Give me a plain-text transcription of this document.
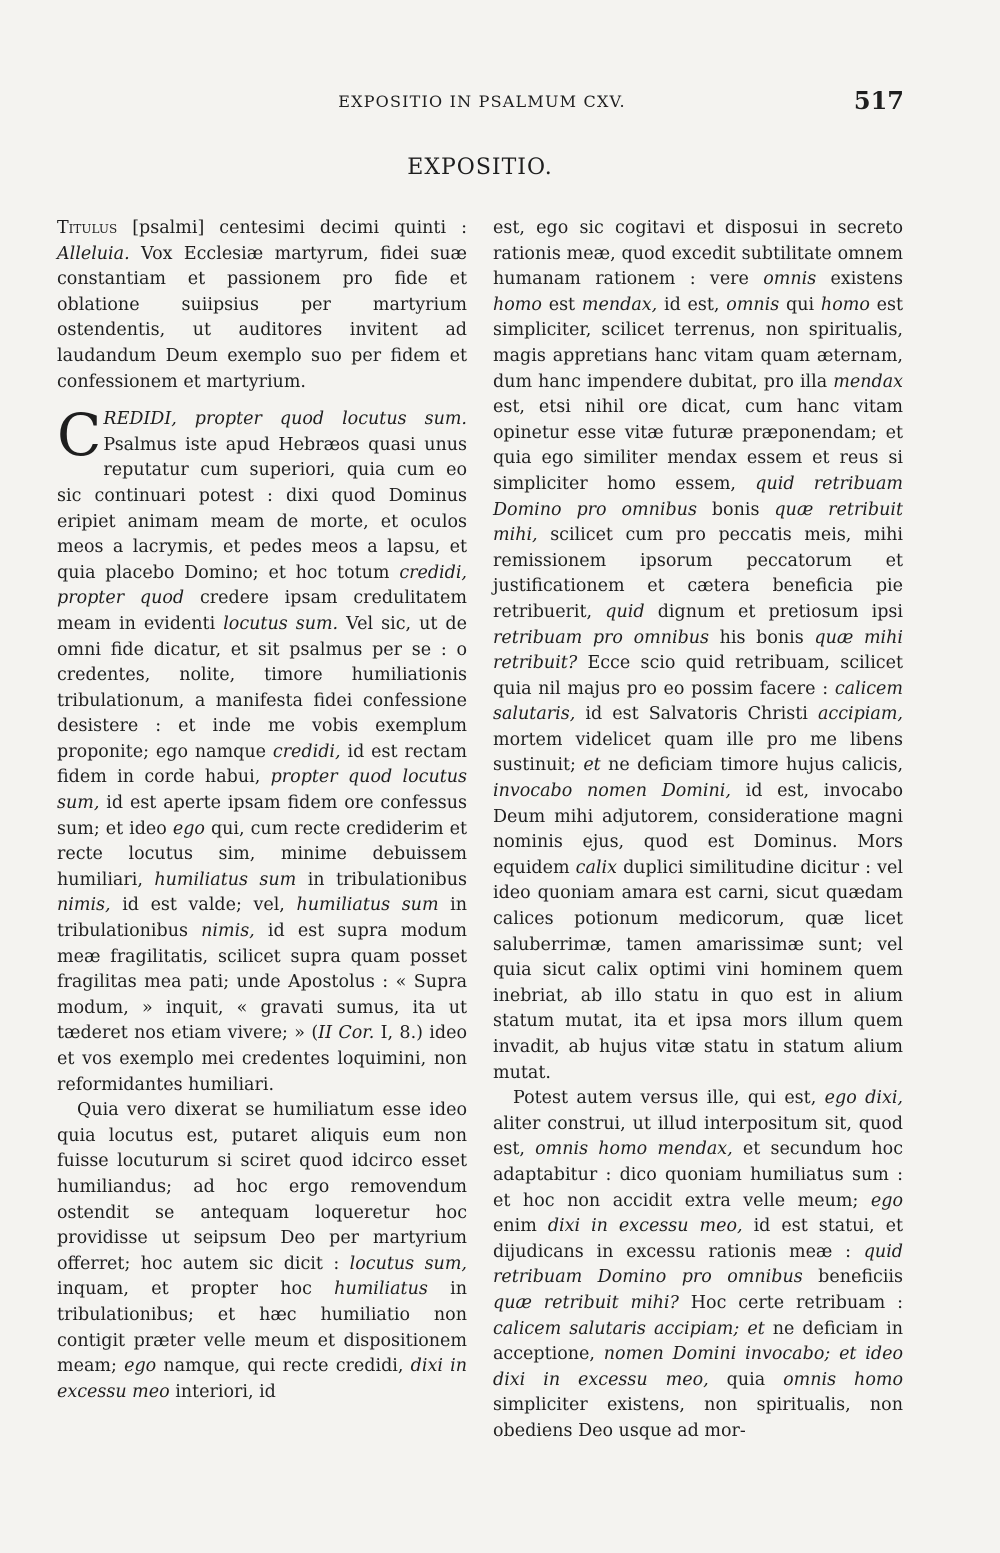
EXPOSITIO IN PSALMUM CXV.	517
EXPOSITIO.

Titulus [psalmi] centesimi decimi quinti : Alleluia. Vox Ecclesiæ martyrum, fidei suæ constantiam et passionem pro fide et oblatione suiipsius per martyrium ostendentis, ut auditores invitent ad laudandum Deum exemplo suo per fidem et confessionem et martyrium.

CREDIDI, propter quod locutus sum. Psalmus iste apud Hebræos quasi unus reputatur cum superiori, quia cum eo sic continuari potest : dixi quod Dominus eripiet animam meam de morte, et oculos meos a lacrymis, et pedes meos a lapsu, et quia placebo Domino; et hoc totum credidi, propter quod credere ipsam credulitatem meam in evidenti locutus sum. Vel sic, ut de omni fide dicatur, et sit psalmus per se : o credentes, nolite, timore humiliationis tribulationum, a manifesta fidei confessione desistere : et inde me vobis exemplum proponite; ego namque credidi, id est rectam fidem in corde habui, propter quod locutus sum, id est aperte ipsam fidem ore confessus sum; et ideo ego qui, cum recte crediderim et recte locutus sim, minime debuissem humiliari, humiliatus sum in tribulationibus nimis, id est valde; vel, humiliatus sum in tribulationibus nimis, id est supra modum meæ fragilitatis, scilicet supra quam posset fragilitas mea pati; unde Apostolus : « Supra modum, » inquit, « gravati sumus, ita ut tæderet nos etiam vivere; » (II Cor. I, 8.) ideo et vos exemplo mei credentes loquimini, non reformidantes humiliari.

Quia vero dixerat se humiliatum esse ideo quia locutus est, putaret aliquis eum non fuisse locuturum si sciret quod idcirco esset humiliandus; ad hoc ergo removendum ostendit se antequam loqueretur hoc providisse ut seipsum Deo per martyrium offerret; hoc autem sic dicit : locutus sum, inquam, et propter hoc humiliatus in tribulationibus; et hæc humiliatio non contigit præter velle meum et dispositionem meam; ego namque, qui recte credidi, dixi in excessu meo interiori, id

est, ego sic cogitavi et disposui in secreto rationis meæ, quod excedit subtilitate omnem humanam rationem : vere omnis existens homo est mendax, id est, omnis qui homo est simpliciter, scilicet terrenus, non spiritualis, magis appretians hanc vitam quam æternam, dum hanc impendere dubitat, pro illa mendax est, etsi nihil ore dicat, cum hanc vitam opinetur esse vitæ futuræ præponendam; et quia ego similiter mendax essem et reus si simpliciter homo essem, quid retribuam Domino pro omnibus bonis quæ retribuit mihi, scilicet cum pro peccatis meis, mihi remissionem ipsorum peccatorum et justificationem et cætera beneficia pie retribuerit, quid dignum et pretiosum ipsi retribuam pro omnibus his bonis quæ mihi retribuit? Ecce scio quid retribuam, scilicet quia nil majus pro eo possim facere : calicem salutaris, id est Salvatoris Christi accipiam, mortem videlicet quam ille pro me libens sustinuit; et ne deficiam timore hujus calicis, invocabo nomen Domini, id est, invocabo Deum mihi adjutorem, consideratione magni nominis ejus, quod est Dominus. Mors equidem calix duplici similitudine dicitur : vel ideo quoniam amara est carni, sicut quædam calices potionum medicorum, quæ licet saluberrimæ, tamen amarissimæ sunt; vel quia sicut calix optimi vini hominem quem inebriat, ab illo statu in quo est in alium statum mutat, ita et ipsa mors illum quem invadit, ab hujus vitæ statu in statum alium mutat.

Potest autem versus ille, qui est, ego dixi, aliter construi, ut illud interpositum sit, quod est, omnis homo mendax, et secundum hoc adaptabitur : dico quoniam humiliatus sum : et hoc non accidit extra velle meum; ego enim dixi in excessu meo, id est statui, et dijudicans in excessu rationis meæ : quid retribuam Domino pro omnibus beneficiis quæ retribuit mihi? Hoc certe retribuam : calicem salutaris accipiam; et ne deficiam in acceptione, nomen Domini invocabo; et ideo dixi in excessu meo, quia omnis homo simpliciter existens, non spiritualis, non obediens Deo usque ad mor-
